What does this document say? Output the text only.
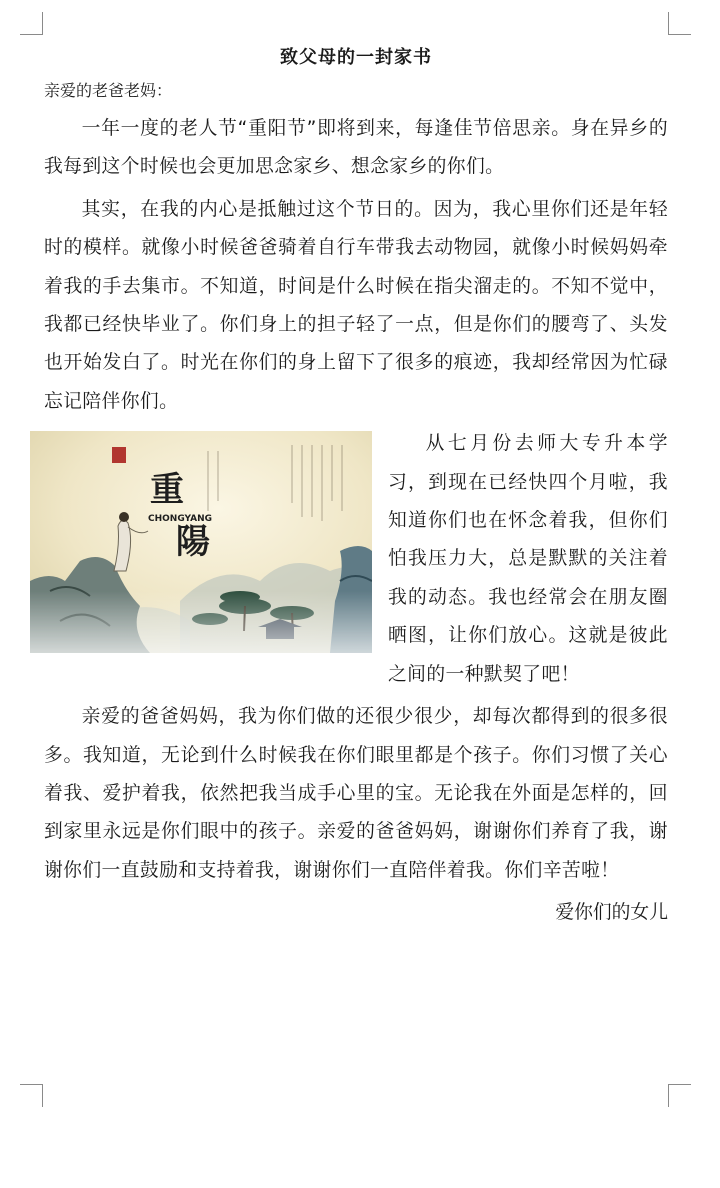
致父母的一封家书
亲爱的老爸老妈：

一年一度的老人节“重阳节”即将到来，每逢佳节倍思亲。身在异乡的我每到这个时候也会更加思念家乡、想念家乡的你们。

其实，在我的内心是抵触过这个节日的。因为，我心里你们还是年轻时的模样。就像小时候爸爸骑着自行车带我去动物园，就像小时候妈妈牵着我的手去集市。不知道，时间是什么时候在指尖溜走的。不知不觉中，我都已经快毕业了。你们身上的担子轻了一点，但是你们的腰弯了、头发也开始发白了。时光在你们的身上留下了很多的痕迹，我却经常因为忙碌忘记陪伴你们。

重
CHONGYANG
陽

从七月份去师大专升本学习，到现在已经快四个月啦，我知道你们也在怀念着我，但你们怕我压力大，总是默默的关注着我的动态。我也经常会在朋友圈晒图，让你们放心。这就是彼此之间的一种默契了吧！

亲爱的爸爸妈妈，我为你们做的还很少很少，却每次都得到的很多很多。我知道，无论到什么时候我在你们眼里都是个孩子。你们习惯了关心着我、爱护着我，依然把我当成手心里的宝。无论我在外面是怎样的，回到家里永远是你们眼中的孩子。亲爱的爸爸妈妈，谢谢你们养育了我，谢谢你们一直鼓励和支持着我，谢谢你们一直陪伴着我。你们辛苦啦！

爱你们的女儿
